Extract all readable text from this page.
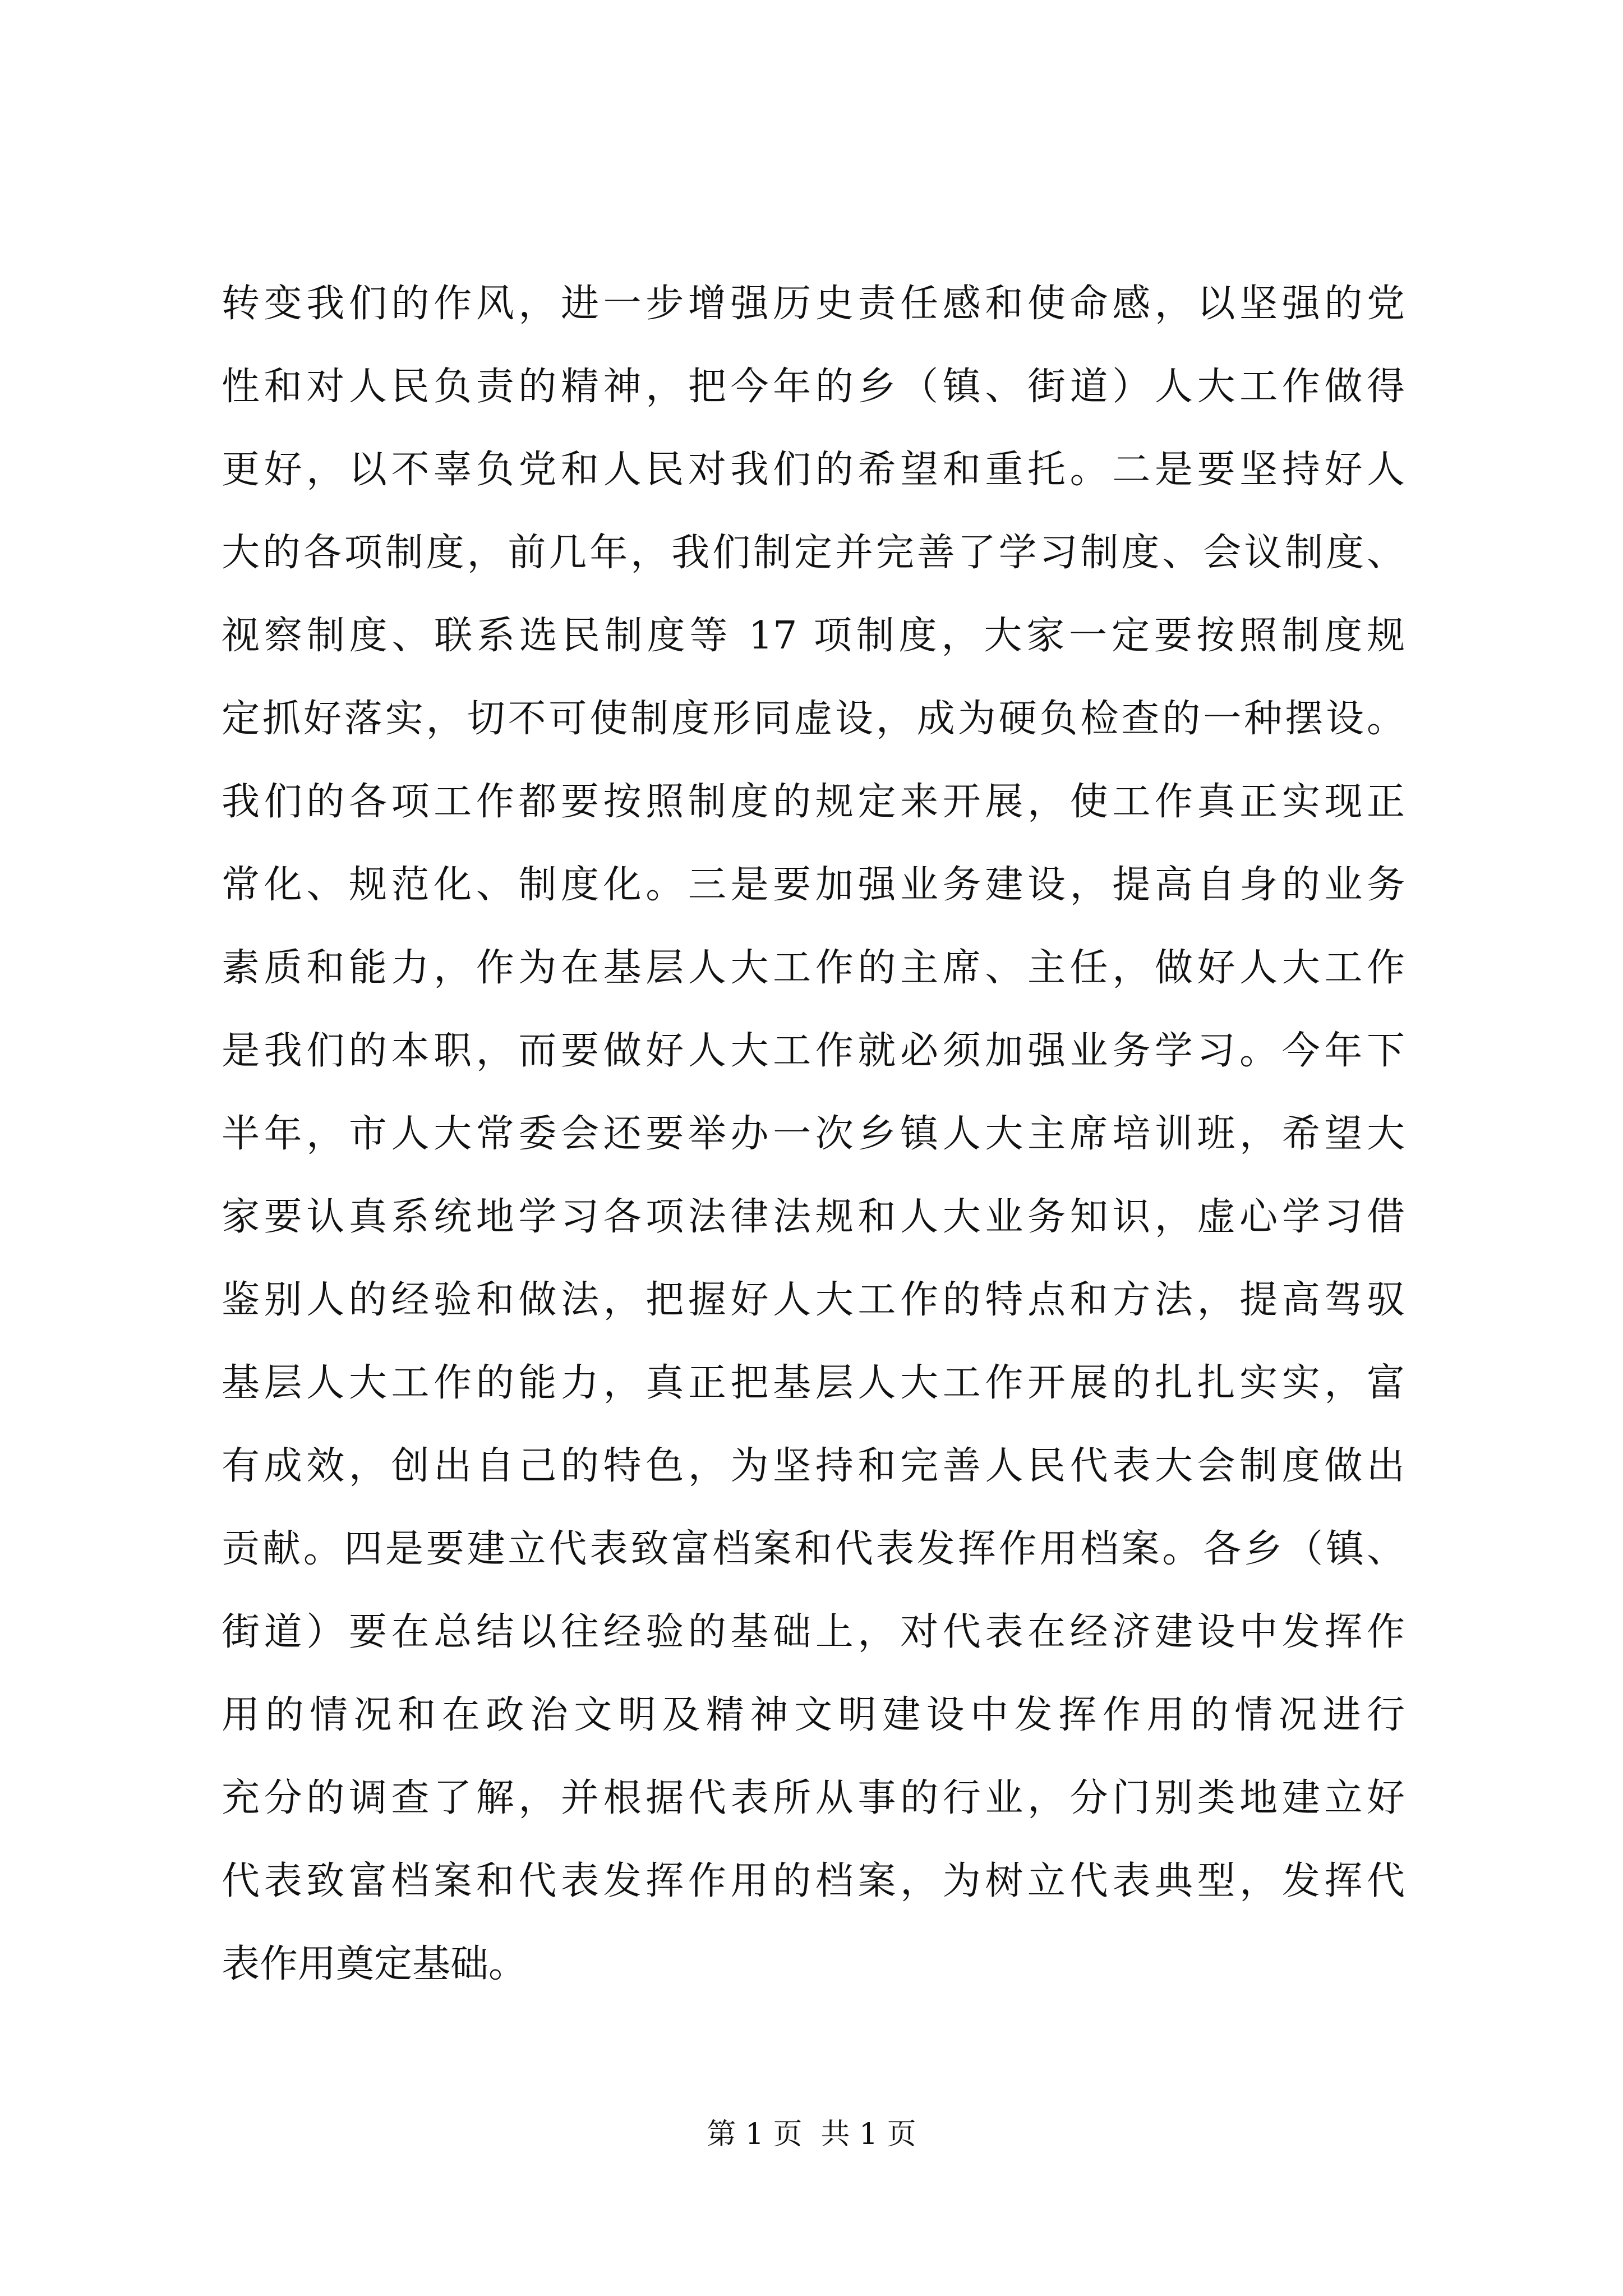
转变我们的作风，进一步增强历史责任感和使命感，以坚强的党
性和对人民负责的精神，把今年的乡（镇、街道）人大工作做得
更好，以不辜负党和人民对我们的希望和重托。二是要坚持好人
大的各项制度，前几年，我们制定并完善了学习制度、会议制度、
视察制度、联系选民制度等 17 项制度，大家一定要按照制度规
定抓好落实，切不可使制度形同虚设，成为硬负检查的一种摆设。
我们的各项工作都要按照制度的规定来开展，使工作真正实现正
常化、规范化、制度化。三是要加强业务建设，提高自身的业务
素质和能力，作为在基层人大工作的主席、主任，做好人大工作
是我们的本职，而要做好人大工作就必须加强业务学习。今年下
半年，市人大常委会还要举办一次乡镇人大主席培训班，希望大
家要认真系统地学习各项法律法规和人大业务知识，虚心学习借
鉴别人的经验和做法，把握好人大工作的特点和方法，提高驾驭
基层人大工作的能力，真正把基层人大工作开展的扎扎实实，富
有成效，创出自己的特色，为坚持和完善人民代表大会制度做出
贡献。四是要建立代表致富档案和代表发挥作用档案。各乡（镇、
街道）要在总结以往经验的基础上，对代表在经济建设中发挥作
用的情况和在政治文明及精神文明建设中发挥作用的情况进行
充分的调查了解，并根据代表所从事的行业，分门别类地建立好
代表致富档案和代表发挥作用的档案，为树立代表典型，发挥代
表作用奠定基础。
第 1 页  共 1 页
